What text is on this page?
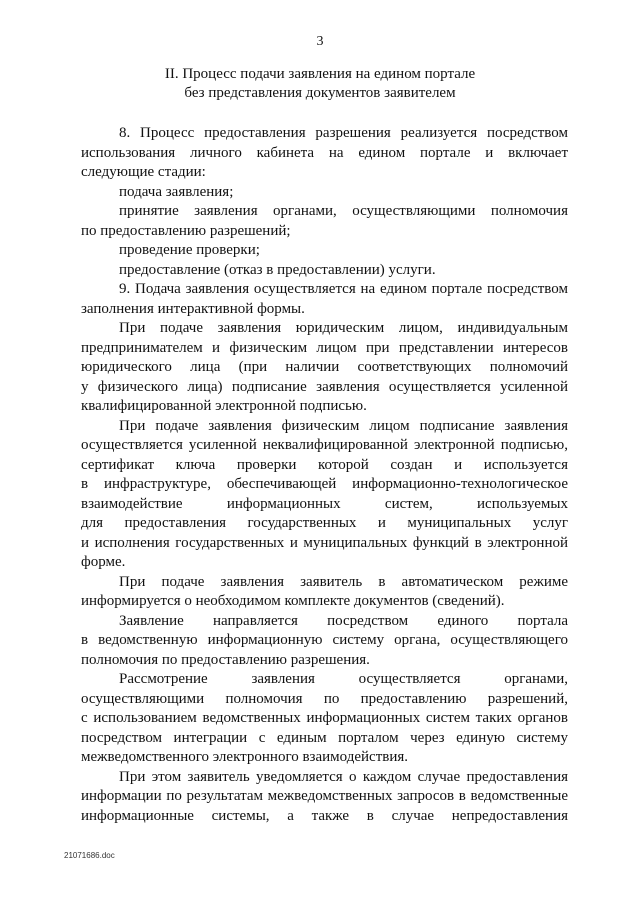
3
II. Процесс подачи заявления на едином портале
без представления документов заявителем
8. Процесс предоставления разрешения реализуется посредством
использования личного кабинета на едином портале и включает
следующие стадии:
подача заявления;
принятие заявления органами, осуществляющими полномочия
по предоставлению разрешений;
проведение проверки;
предоставление (отказ в предоставлении) услуги.
9. Подача заявления осуществляется на едином портале посредством
заполнения интерактивной формы.
При подаче заявления юридическим лицом, индивидуальным
предпринимателем и физическим лицом при представлении интересов
юридического лица (при наличии соответствующих полномочий
у физического лица) подписание заявления осуществляется усиленной
квалифицированной электронной подписью.
При подаче заявления физическим лицом подписание заявления
осуществляется усиленной неквалифицированной электронной подписью,
сертификат ключа проверки которой создан и используется
в инфраструктуре, обеспечивающей информационно-технологическое
взаимодействие информационных систем, используемых
для предоставления государственных и муниципальных услуг
и исполнения государственных и муниципальных функций в электронной
форме.
При подаче заявления заявитель в автоматическом режиме
информируется о необходимом комплекте документов (сведений).
Заявление направляется посредством единого портала
в ведомственную информационную систему органа, осуществляющего
полномочия по предоставлению разрешения.
Рассмотрение заявления осуществляется органами,
осуществляющими полномочия по предоставлению разрешений,
с использованием ведомственных информационных систем таких органов
посредством интеграции с единым порталом через единую систему
межведомственного электронного взаимодействия.
При этом заявитель уведомляется о каждом случае предоставления
информации по результатам межведомственных запросов в ведомственные
информационные системы, а также в случае непредоставления
21071686.doc
